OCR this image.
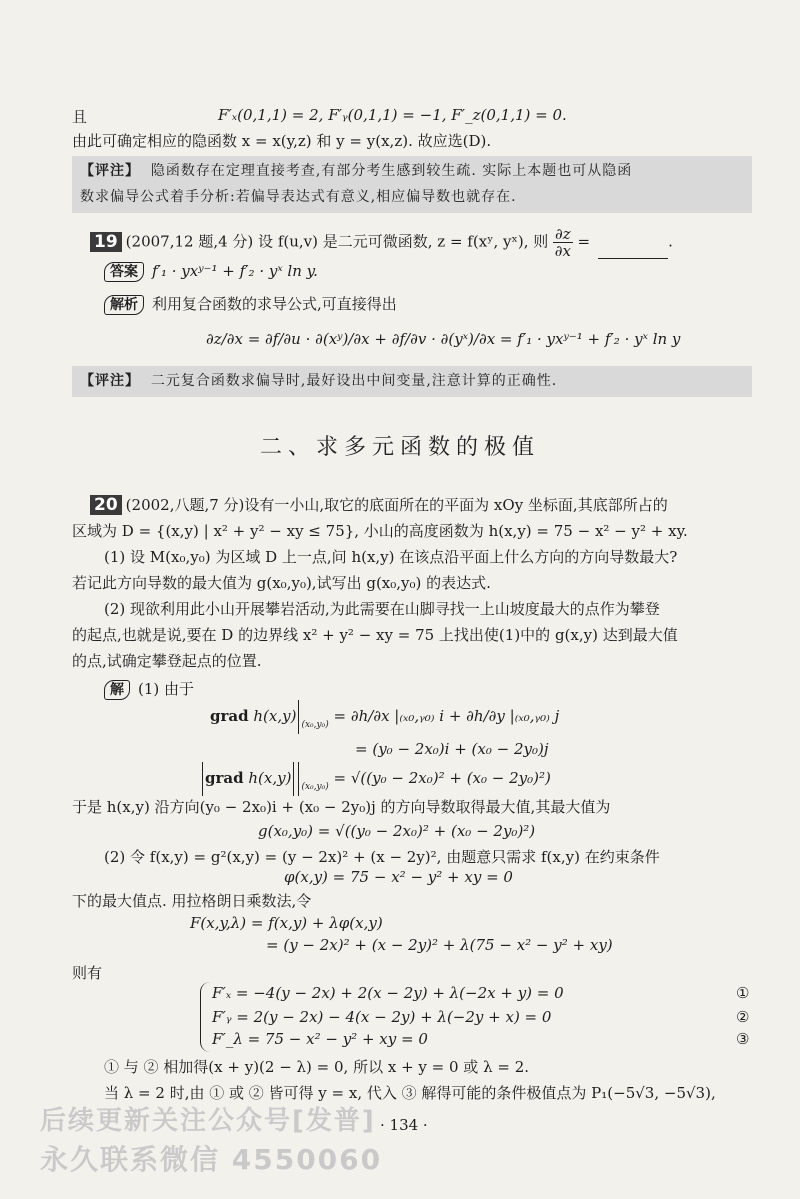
且	F′ₓ(0,1,1) = 2, F′ᵧ(0,1,1) = −1, F′_z(0,1,1) = 0.
由此可确定相应的隐函数 x = x(y,z) 和 y = y(x,z). 故应选(D).
【评注】 隐函数存在定理直接考查,有部分考生感到较生疏. 实际上本题也可从隐函
数求偏导公式着手分析:若偏导表达式有意义,相应偏导数也就存在.
19 (2007,12 题,4 分) 设 f(u,v) 是二元可微函数, z = f(xʸ, yˣ), 则 $\frac{\partial z}{\partial x}$ =	.
答案 f′₁ · yxʸ⁻¹ + f′₂ · yˣ ln y.
解析 利用复合函数的求导公式,可直接得出
∂z/∂x = ∂f/∂u · ∂(xʸ)/∂x + ∂f/∂v · ∂(yˣ)/∂x = f′₁ · yxʸ⁻¹ + f′₂ · yˣ ln y
【评注】 二元复合函数求偏导时,最好设出中间变量,注意计算的正确性.
二、求多元函数的极值
20 (2002,八题,7 分)设有一小山,取它的底面所在的平面为 xOy 坐标面,其底部所占的
区域为 D = {(x,y) | x² + y² − xy ≤ 75}, 小山的高度函数为 h(x,y) = 75 − x² − y² + xy.
(1) 设 M(x₀,y₀) 为区域 D 上一点,问 h(x,y) 在该点沿平面上什么方向的方向导数最大?
若记此方向导数的最大值为 g(x₀,y₀),试写出 g(x₀,y₀) 的表达式.
(2) 现欲利用此小山开展攀岩活动,为此需要在山脚寻找一上山坡度最大的点作为攀登
的起点,也就是说,要在 D 的边界线 x² + y² − xy = 75 上找出使(1)中的 g(x,y) 达到最大值
的点,试确定攀登起点的位置.
解 (1) 由于
grad h(x,y) $_{(x_0,y_0)}$ = ∂h/∂x |₍ₓ₀,ᵧ₀₎ i + ∂h/∂y |₍ₓ₀,ᵧ₀₎ j
= (y₀ − 2x₀)i + (x₀ − 2y₀)j
grad h(x,y) $_{(x_0,y_0)}$ = √((y₀ − 2x₀)² + (x₀ − 2y₀)²)
于是 h(x,y) 沿方向(y₀ − 2x₀)i + (x₀ − 2y₀)j 的方向导数取得最大值,其最大值为
g(x₀,y₀) = √((y₀ − 2x₀)² + (x₀ − 2y₀)²)
(2) 令 f(x,y) = g²(x,y) = (y − 2x)² + (x − 2y)², 由题意只需求 f(x,y) 在约束条件
φ(x,y) = 75 − x² − y² + xy = 0
下的最大值点. 用拉格朗日乘数法,令
F(x,y,λ) = f(x,y) + λφ(x,y)
= (y − 2x)² + (x − 2y)² + λ(75 − x² − y² + xy)
则有
F′ₓ = −4(y − 2x) + 2(x − 2y) + λ(−2x + y) = 0
F′ᵧ = 2(y − 2x) − 4(x − 2y) + λ(−2y + x) = 0
F′_λ = 75 − x² − y² + xy = 0
①
②
③
① 与 ② 相加得(x + y)(2 − λ) = 0, 所以 x + y = 0 或 λ = 2.
当 λ = 2 时,由 ① 或 ② 皆可得 y = x, 代入 ③ 解得可能的条件极值点为 P₁(−5√3, −5√3),
· 134 ·
后续更新关注公众号[发普]
永久联系微信 4550060
